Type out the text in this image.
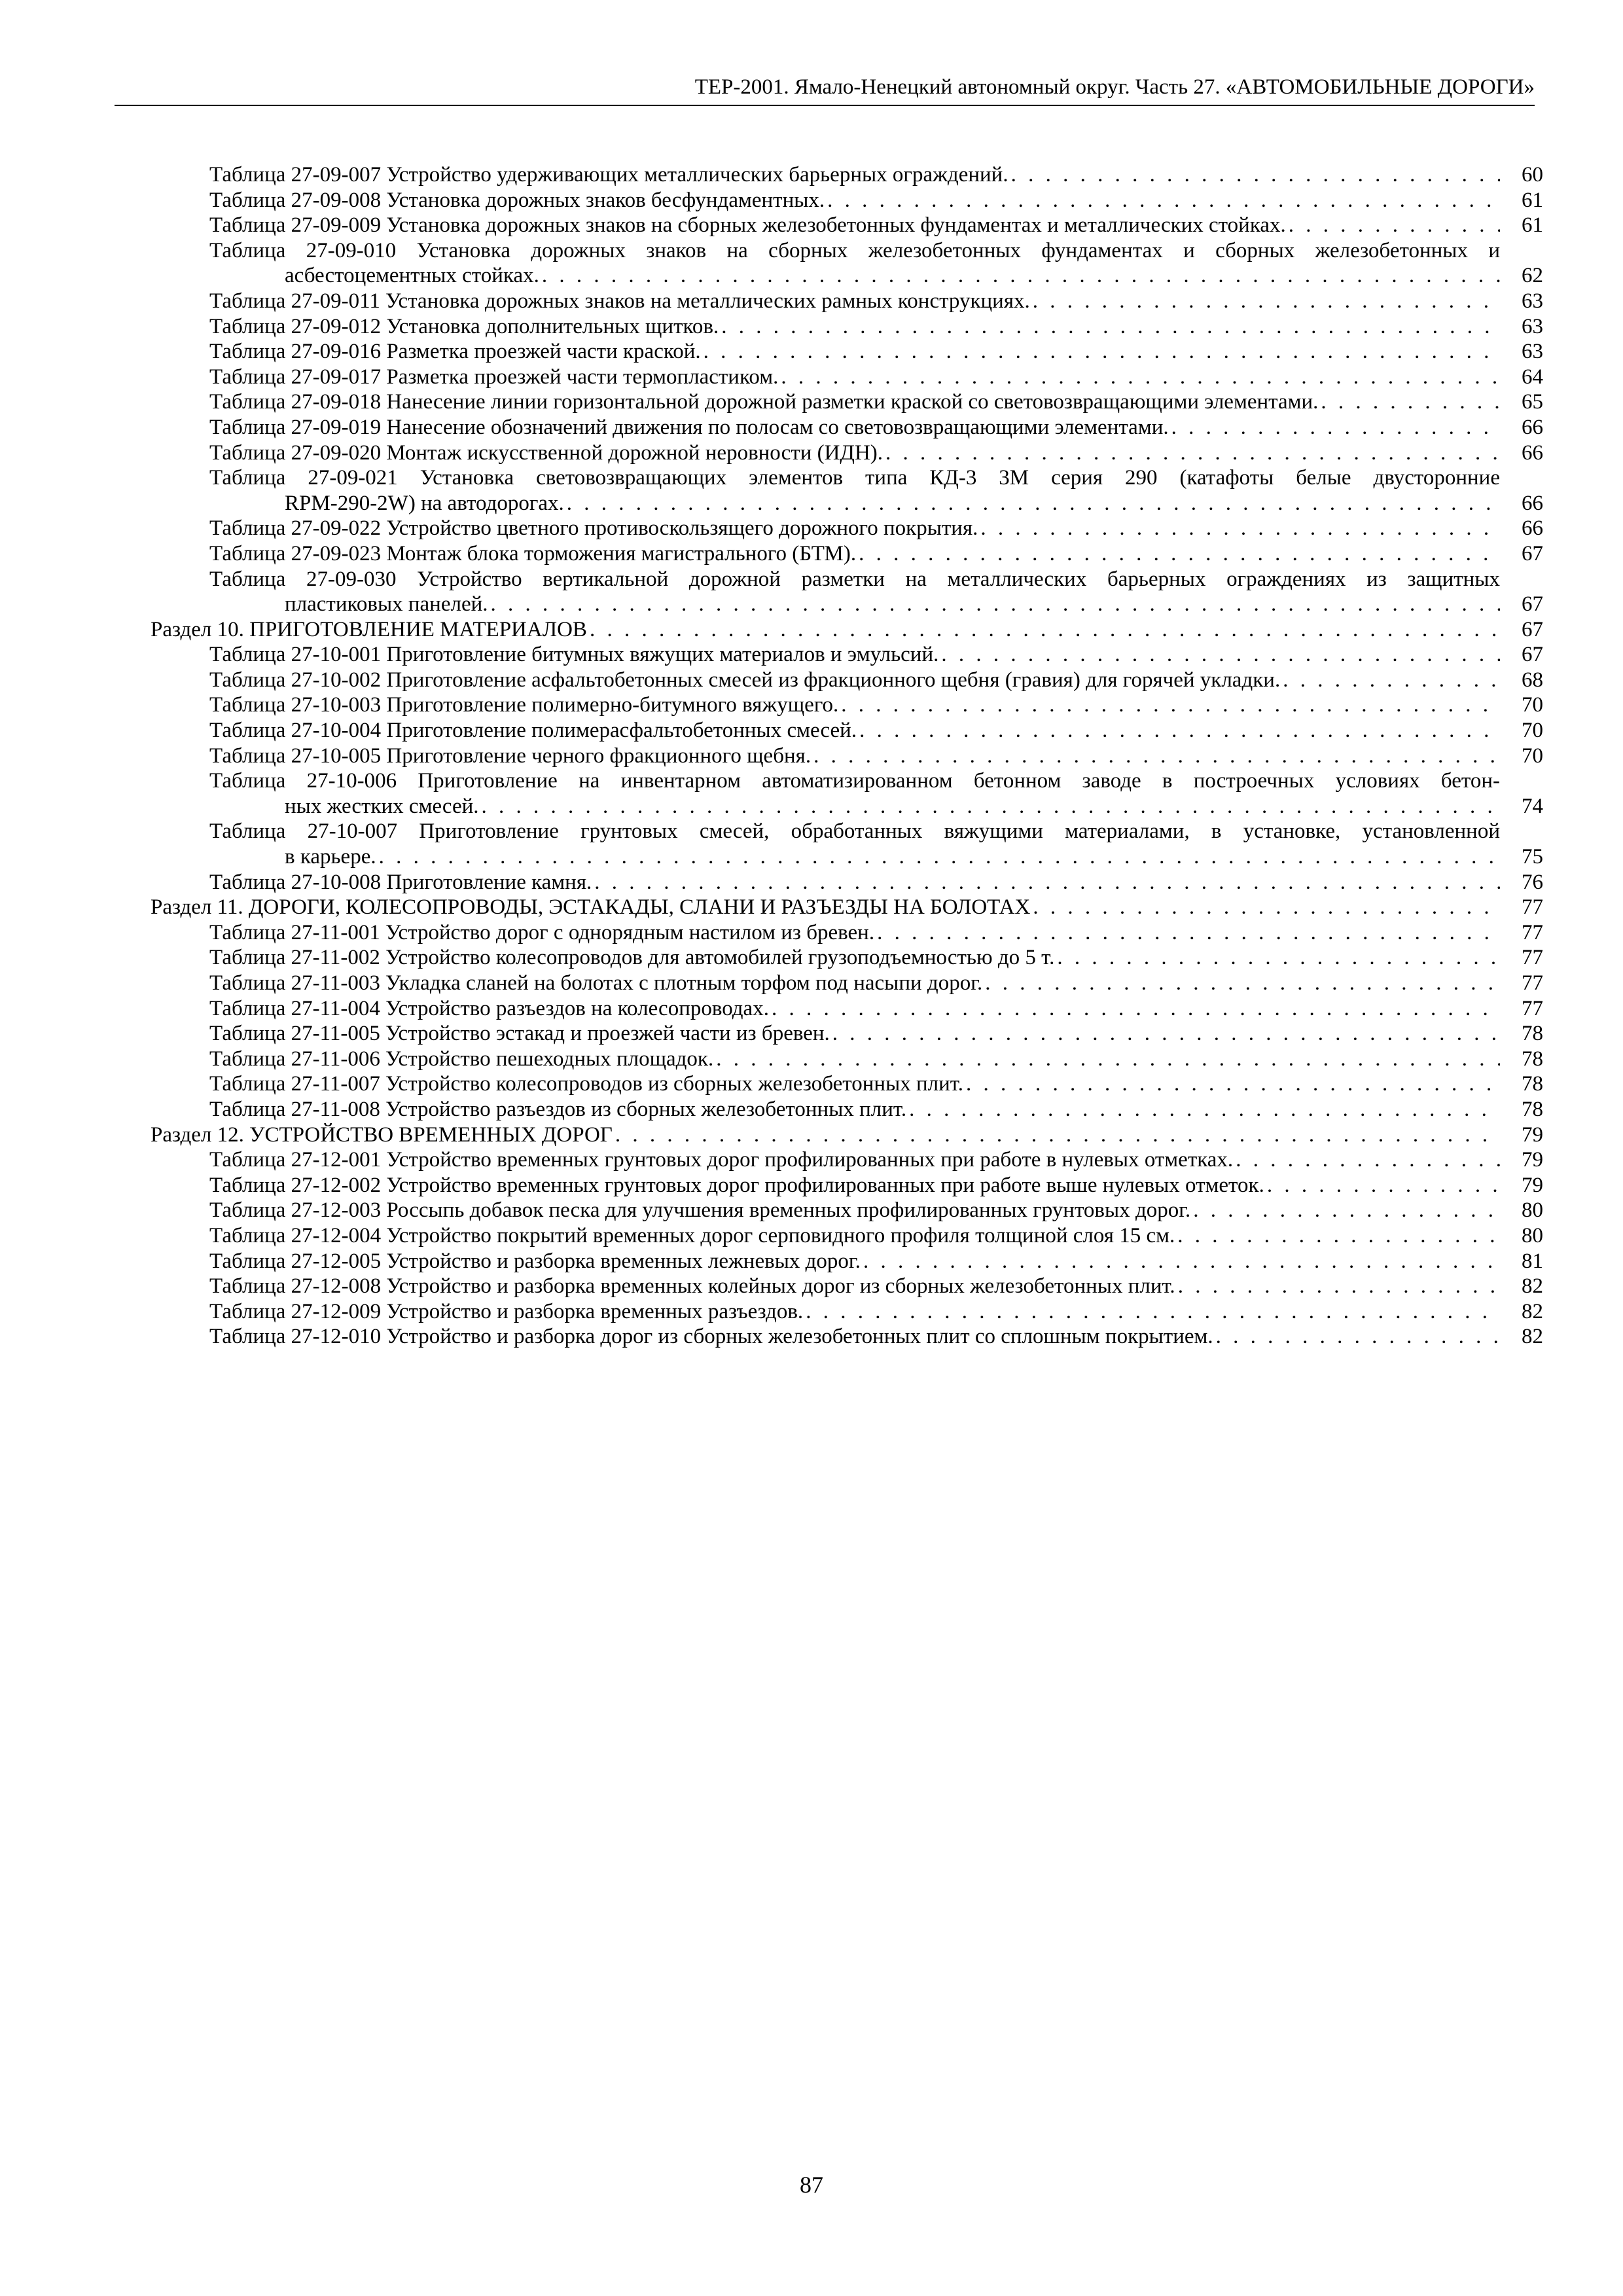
ТЕР-2001. Ямало-Ненецкий автономный округ. Часть 27. «АВТОМОБИЛЬНЫЕ ДОРОГИ»
Таблица 27-09-007 Устройство удерживающих металлических барьерных ограждений. . . .	60
Таблица 27-09-008 Установка дорожных знаков бесфундаментных. . . .	61
Таблица 27-09-009 Установка дорожных знаков на сборных железобетонных фундаментах и металлических стойках. . . .	61
Таблица 27-09-010 Установка дорожных знаков на сборных железобетонных фундаментах и сборных железобетонных и
асбестоцементных стойках. . . .	62
Таблица 27-09-011 Установка дорожных знаков на металлических рамных конструкциях. . . .	63
Таблица 27-09-012 Установка дополнительных щитков. . . .	63
Таблица 27-09-016 Разметка проезжей части краской. . . .	63
Таблица 27-09-017 Разметка проезжей части термопластиком. . . .	64
Таблица 27-09-018 Нанесение линии горизонтальной дорожной разметки краской со световозвращающими элементами. . . .	65
Таблица 27-09-019 Нанесение обозначений движения по полосам со световозвращающими элементами. . . .	66
Таблица 27-09-020 Монтаж искусственной дорожной неровности (ИДН). . . .	66
Таблица 27-09-021 Установка световозвращающих элементов типа КД-3 3М серия 290 (катафоты белые двусторонние
RPM-290-2W) на автодорогах. . . .	66
Таблица 27-09-022 Устройство цветного противоскользящего дорожного покрытия. . . .	66
Таблица 27-09-023 Монтаж блока торможения магистрального (БТМ). . . .	67
Таблица 27-09-030 Устройство вертикальной дорожной разметки на металлических барьерных ограждениях из защитных
пластиковых панелей. . . .	67
Раздел 10. ПРИГОТОВЛЕНИЕ МАТЕРИАЛОВ . . .	67
Таблица 27-10-001 Приготовление битумных вяжущих материалов и эмульсий. . . .	67
Таблица 27-10-002 Приготовление асфальтобетонных смесей из фракционного щебня (гравия) для горячей укладки. . . .	68
Таблица 27-10-003 Приготовление полимерно-битумного вяжущего. . . .	70
Таблица 27-10-004 Приготовление полимерасфальтобетонных смесей. . . .	70
Таблица 27-10-005 Приготовление черного фракционного щебня. . . .	70
Таблица 27-10-006 Приготовление на инвентарном автоматизированном бетонном заводе в построечных условиях бетон-
ных жестких смесей. . . .	74
Таблица 27-10-007 Приготовление грунтовых смесей, обработанных вяжущими материалами, в установке, установленной
в карьере. . . .	75
Таблица 27-10-008 Приготовление камня. . . .	76
Раздел 11. ДОРОГИ, КОЛЕСОПРОВОДЫ, ЭСТАКАДЫ, СЛАНИ И РАЗЪЕЗДЫ НА БОЛОТАХ . . .	77
Таблица 27-11-001 Устройство дорог с однорядным настилом из бревен. . . .	77
Таблица 27-11-002 Устройство колесопроводов для автомобилей грузоподъемностью до 5 т. . . .	77
Таблица 27-11-003 Укладка сланей на болотах с плотным торфом под насыпи дорог. . . .	77
Таблица 27-11-004 Устройство разъездов на колесопроводах. . . .	77
Таблица 27-11-005 Устройство эстакад и проезжей части из бревен. . . .	78
Таблица 27-11-006 Устройство пешеходных площадок. . . .	78
Таблица 27-11-007 Устройство колесопроводов из сборных железобетонных плит. . . .	78
Таблица 27-11-008 Устройство разъездов из сборных железобетонных плит. . . .	78
Раздел 12. УСТРОЙСТВО ВРЕМЕННЫХ ДОРОГ . . .	79
Таблица 27-12-001 Устройство временных грунтовых дорог профилированных при работе в нулевых отметках. . . .	79
Таблица 27-12-002 Устройство временных грунтовых дорог профилированных при работе выше нулевых отметок. . . .	79
Таблица 27-12-003 Россыпь добавок песка для улучшения временных профилированных грунтовых дорог. . . .	80
Таблица 27-12-004 Устройство покрытий временных дорог серповидного профиля толщиной слоя 15 см. . . .	80
Таблица 27-12-005 Устройство и разборка временных лежневых дорог. . . .	81
Таблица 27-12-008 Устройство и разборка временных колейных дорог из сборных железобетонных плит. . . .	82
Таблица 27-12-009 Устройство и разборка временных разъездов. . . .	82
Таблица 27-12-010 Устройство и разборка дорог из сборных железобетонных плит со сплошным покрытием. . . .	82
87
